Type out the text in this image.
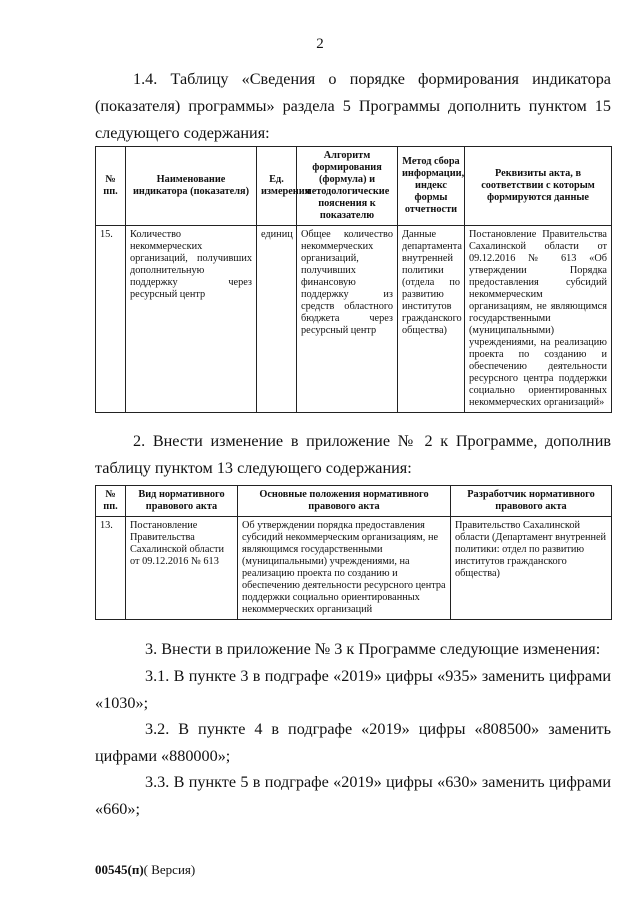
2

1.4. Таблицу «Сведения о порядке формирования индикатора (показателя) программы» раздела 5 Программы дополнить пунктом 15 следующего содержания:

№ пп.	Наименование индикатора (показателя)	Ед. измерения	Алгоритм формирования (формула) и методологические пояснения к показателю	Метод сбора информации, индекс формы отчетности	Реквизиты акта, в соответствии с которым формируются данные
15.	Количество некоммерческих организаций, получивших дополнительную поддержку через ресурсный центр	единиц	Общее количество некоммерческих организаций, получивших финансовую поддержку из средств областного бюджета через ресурсный центр	Данные департамента внутренней политики (отдела по развитию институтов гражданского общества)	Постановление Правительства Сахалинской области от 09.12.2016 № 613 «Об утверждении Порядка предоставления субсидий некоммерческим организациям, не являющимся государственными (муниципальными) учреждениями, на реализацию проекта по созданию и обеспечению деятельности ресурсного центра поддержки социально ориентированных некоммерческих организаций»

2. Внести изменение в приложение № 2 к Программе, дополнив таблицу пунктом 13 следующего содержания:

№ пп.	Вид нормативного правового акта	Основные положения нормативного правового акта	Разработчик нормативного правового акта
13.	Постановление Правительства Сахалинской области от 09.12.2016 № 613	Об утверждении порядка предоставления субсидий некоммерческим организациям, не являющимся государственными (муниципальными) учреждениями, на реализацию проекта по созданию и обеспечению деятельности ресурсного центра поддержки социально ориентированных некоммерческих организаций	Правительство Сахалинской области (Департамент внутренней политики: отдел по развитию институтов гражданского общества)

3. Внести в приложение № 3 к Программе следующие изменения:

3.1. В пункте 3 в подграфе «2019» цифры «935» заменить цифрами «1030»;

3.2. В пункте 4 в подграфе «2019» цифры «808500» заменить цифрами «880000»;

3.3. В пункте 5 в подграфе «2019» цифры «630» заменить цифрами «660»;

00545(п)( Версия)
